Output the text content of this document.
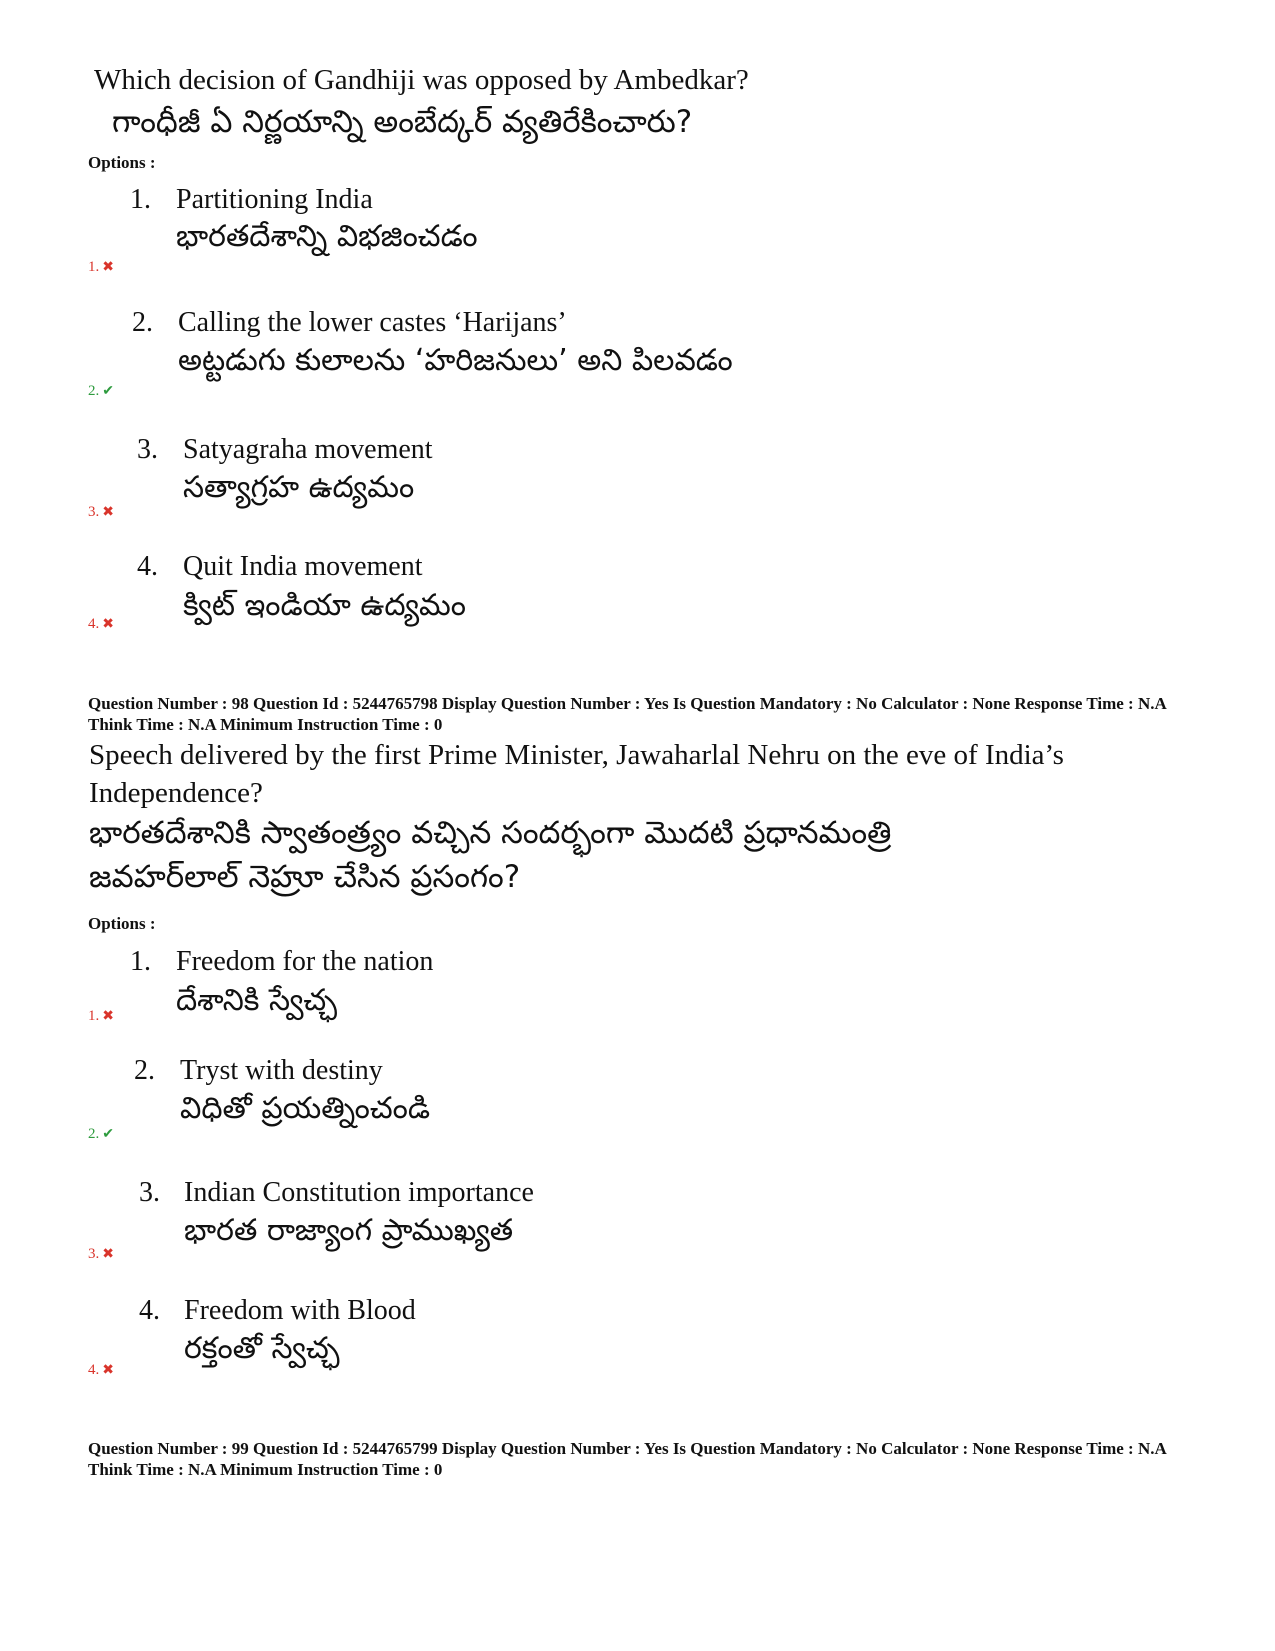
Which decision of Gandhiji was opposed by Ambedkar?
గాంధీజీ ఏ నిర్ణయాన్ని అంబేద్కర్ వ్యతిరేకించారు?
Options :
1. Partitioning India
భారతదేశాన్ని విభజించడం
1. ✖
2. Calling the lower castes ‘Harijans’
అట్టడుగు కులాలను ‘హరిజనులు’ అని పిలవడం
2. ✔
3. Satyagraha movement
సత్యాగ్రహ ఉద్యమం
3. ✖
4. Quit India movement
క్విట్ ఇండియా ఉద్యమం
4. ✖
Question Number : 98 Question Id : 5244765798 Display Question Number : Yes Is Question Mandatory : No Calculator : None Response Time : N.A Think Time : N.A Minimum Instruction Time : 0
Speech delivered by the first Prime Minister, Jawaharlal Nehru on the eve of India’s
Independence?
భారతదేశానికి స్వాతంత్ర్యం వచ్చిన సందర్భంగా మొదటి ప్రధానమంత్రి
జవహర్‌లాల్ నెహ్రూ చేసిన ప్రసంగం?
Options :
1. Freedom for the nation
దేశానికి స్వేచ్ఛ
1. ✖
2. Tryst with destiny
విధితో ప్రయత్నించండి
2. ✔
3. Indian Constitution importance
భారత రాజ్యాంగ ప్రాముఖ్యత
3. ✖
4. Freedom with Blood
రక్తంతో స్వేచ్ఛ
4. ✖
Question Number : 99 Question Id : 5244765799 Display Question Number : Yes Is Question Mandatory : No Calculator : None Response Time : N.A Think Time : N.A Minimum Instruction Time : 0
